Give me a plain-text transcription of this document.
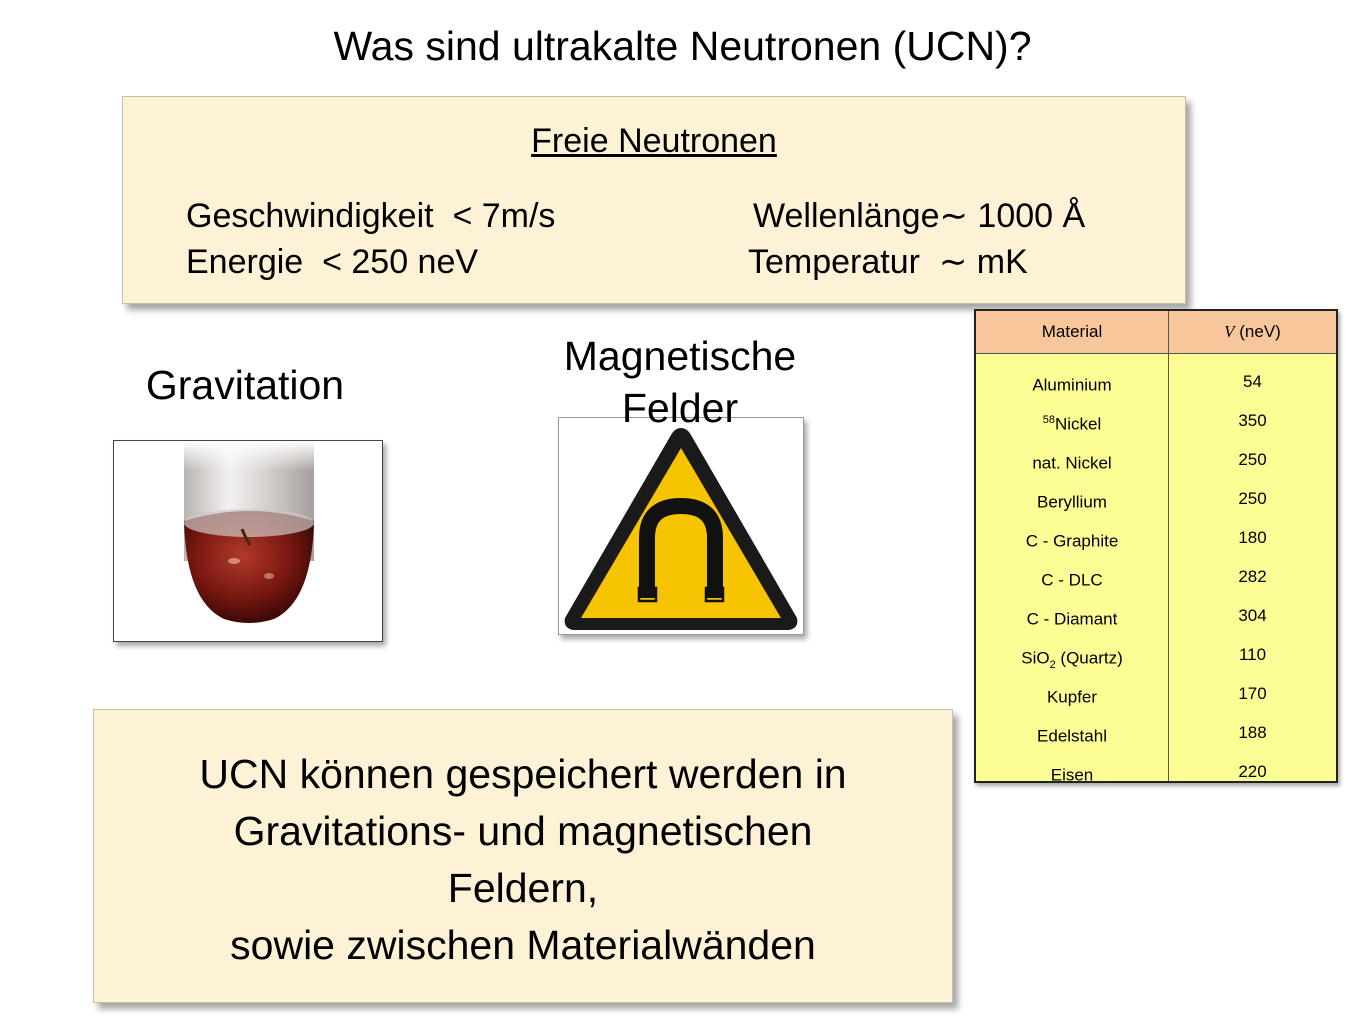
Was sind ultrakalte Neutronen (UCN)?
Freie Neutronen
Geschwindigkeit  < 7m/s
Energie  < 250 neV
Wellenlänge∼ 1000 Å
Temperatur  ∼ mK
Gravitation
Magnetische
Felder
Material	V (neV)
Aluminium	54
$^{58}$Nickel	350
nat. Nickel	250
Beryllium	250
C - Graphite	180
C - DLC	282
C - Diamant	304
SiO$_2$ (Quartz)	110
Kupfer	170
Edelstahl	188
Eisen	220
UCN können gespeichert werden in
Gravitations- und magnetischen
Feldern,
sowie zwischen Materialwänden
